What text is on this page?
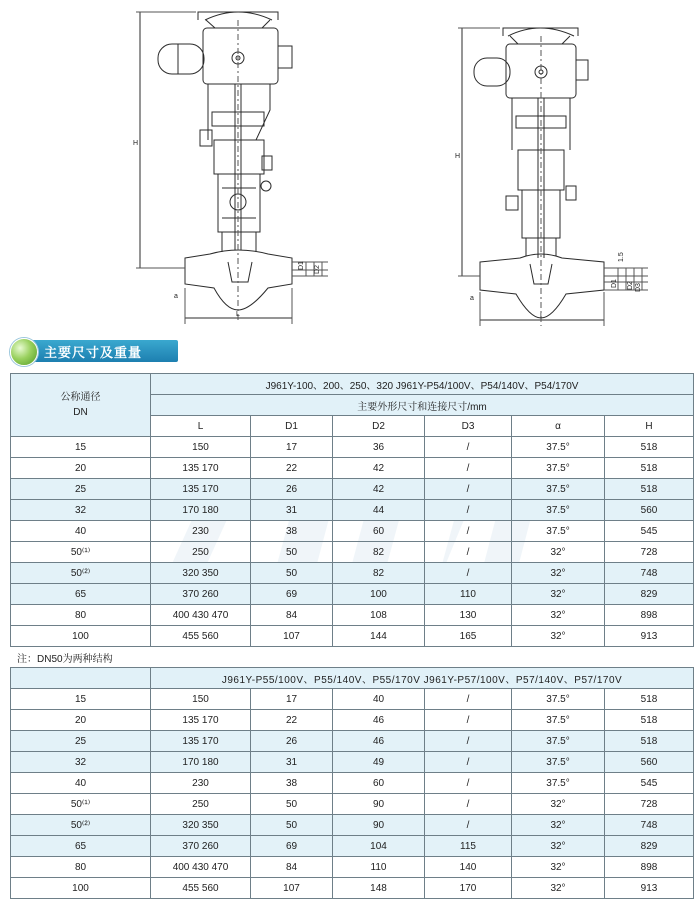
H
D1 D2
L
a
H
1.5
D1 D2 D3
L
a
主要尺寸及重量
公称通径
DN	J961Y-100、200、250、320 J961Y-P54/100V、P54/140V、P54/170V					
	主要外形尺寸和连接尺寸/mm					
	L	D1	D2	D3	α	H
15	150	17	36	/	37.5°	518
20	135 170	22	42	/	37.5°	518
25	135 170	26	42	/	37.5°	518
32	170 180	31	44	/	37.5°	560
40	230	38	60	/	37.5°	545
50⁽¹⁾	250	50	82	/	32°	728
50⁽²⁾	320 350	50	82	/	32°	748
65	370 260	69	100	110	32°	829
80	400 430 470	84	108	130	32°	898
100	455 560	107	144	165	32°	913
注：DN50为两种结构						
	J961Y-P55/100V、P55/140V、P55/170V J961Y-P57/100V、P57/140V、P57/170V					
15	150	17	40	/	37.5°	518
20	135 170	22	46	/	37.5°	518
25	135 170	26	46	/	37.5°	518
32	170 180	31	49	/	37.5°	560
40	230	38	60	/	37.5°	545
50⁽¹⁾	250	50	90	/	32°	728
50⁽²⁾	320 350	50	90	/	32°	748
65	370 260	69	104	115	32°	829
80	400 430 470	84	110	140	32°	898
100	455 560	107	148	170	32°	913
